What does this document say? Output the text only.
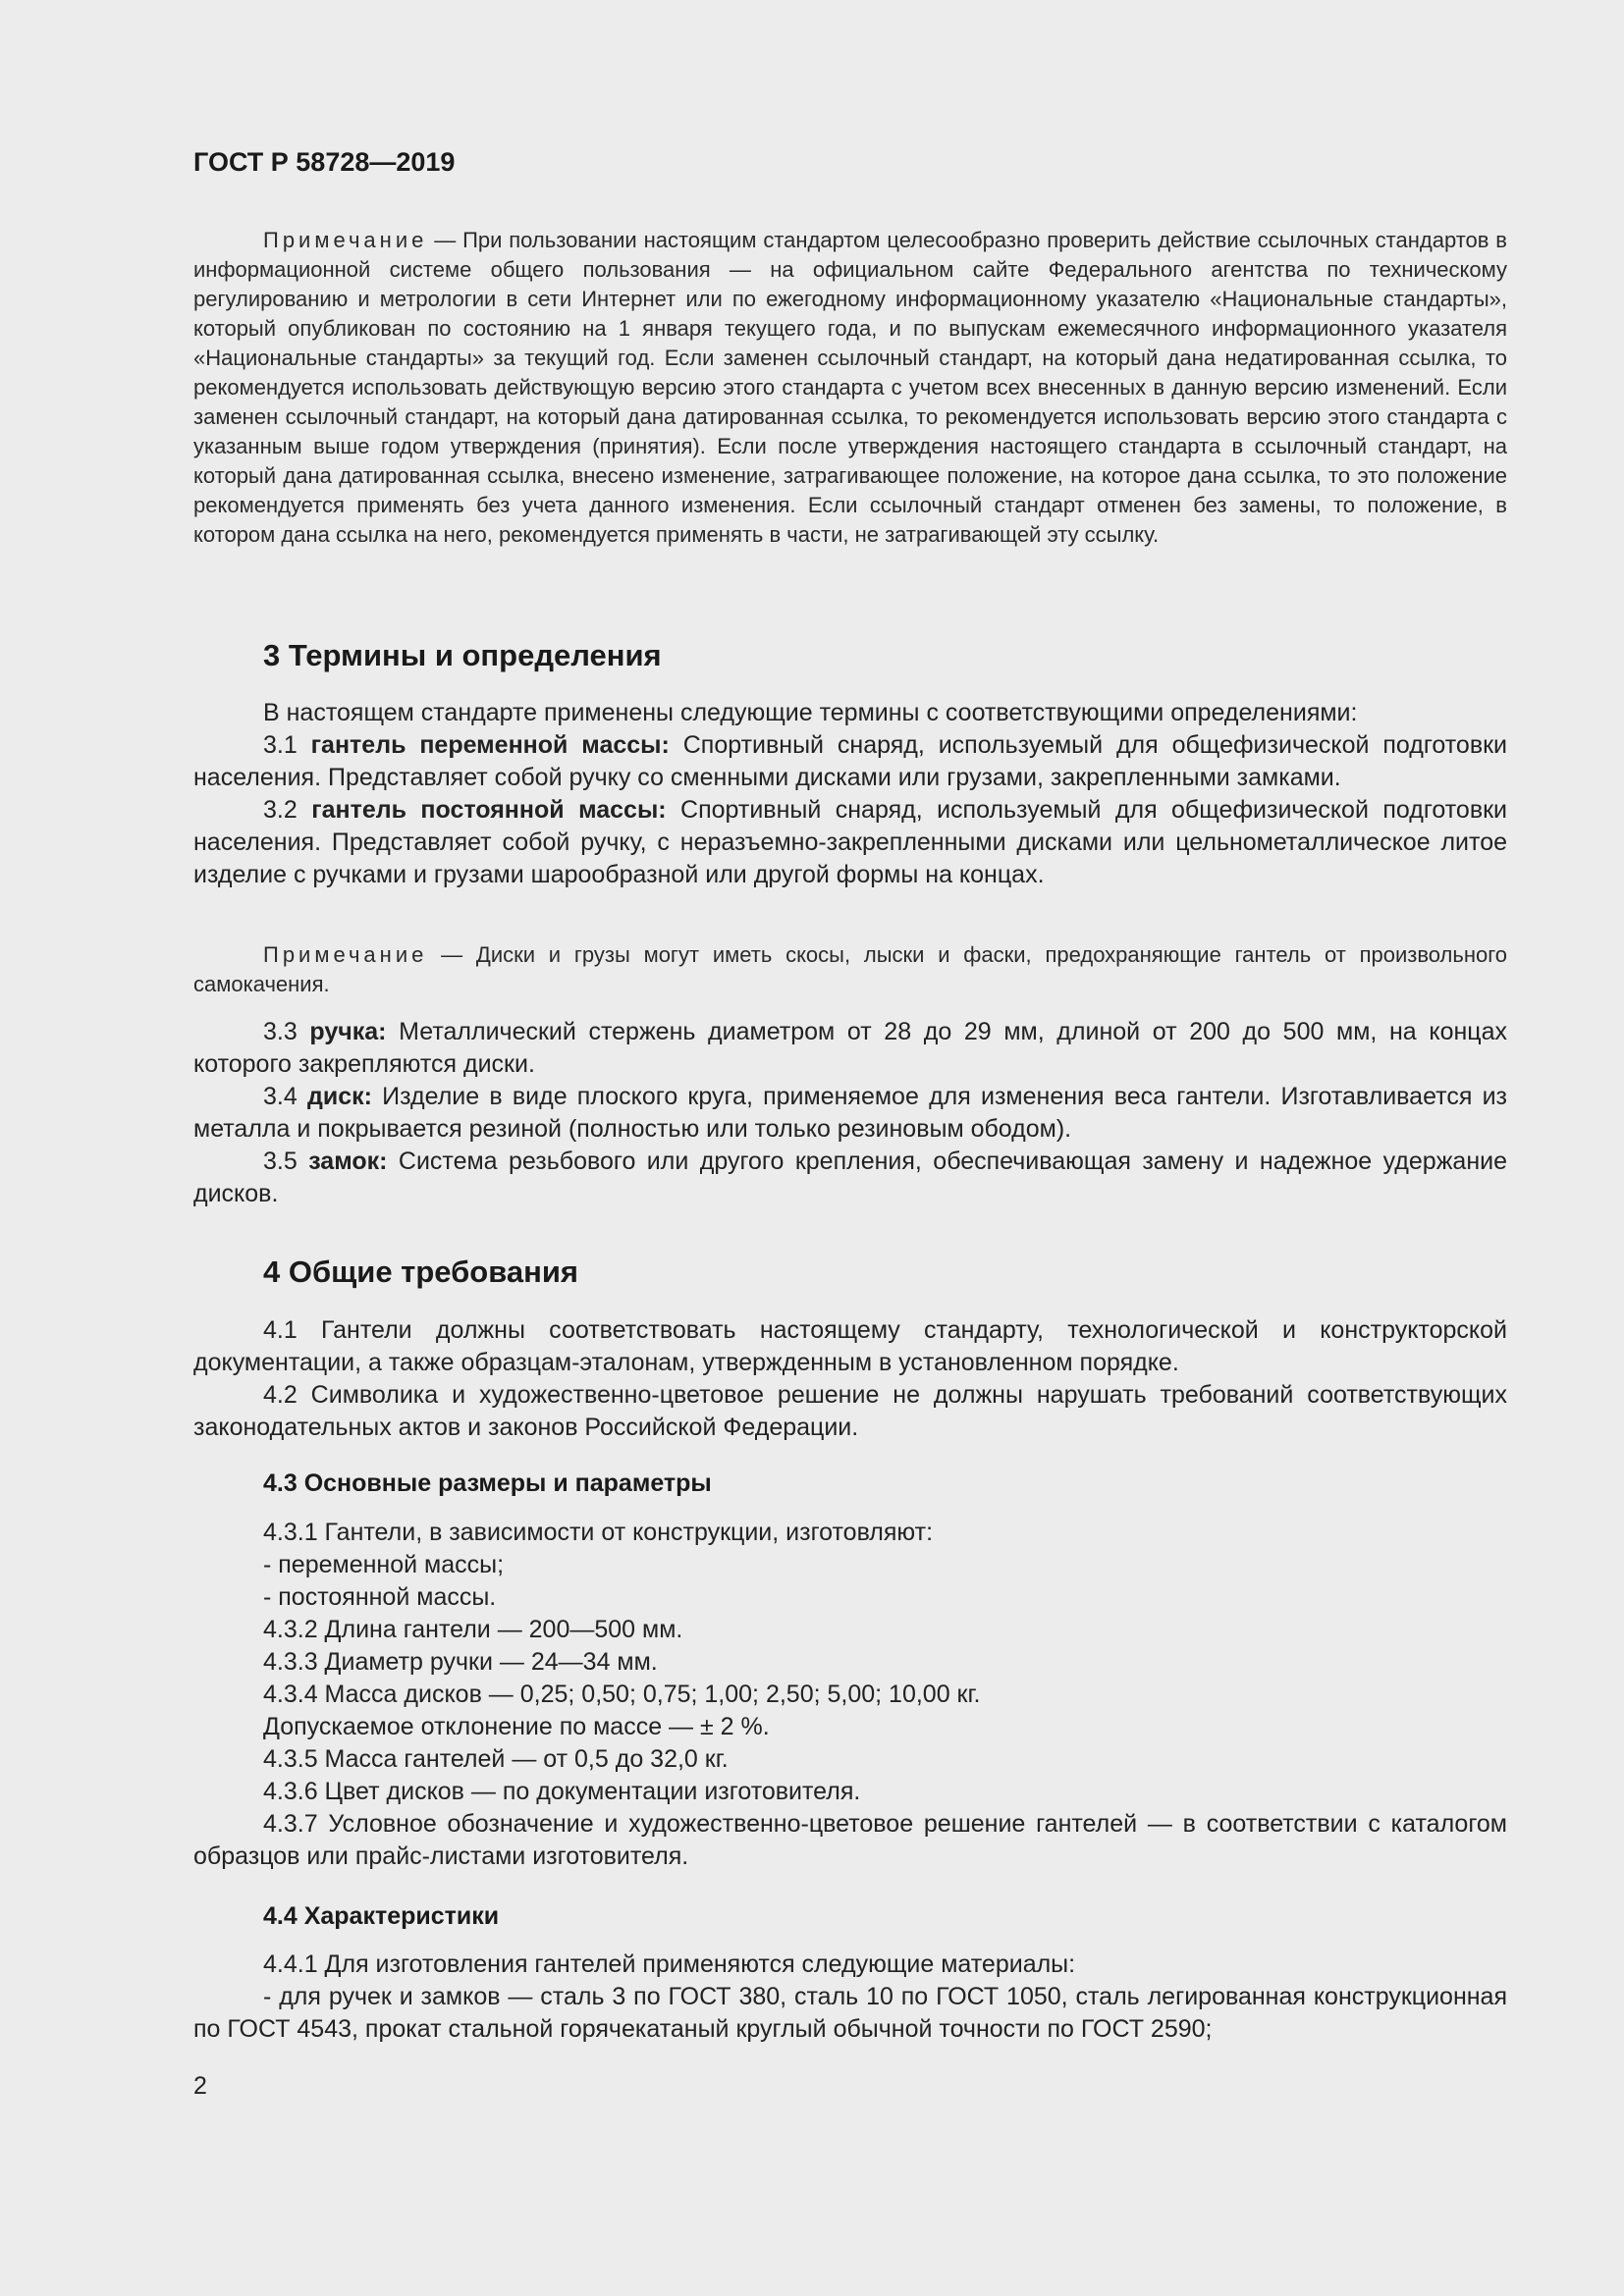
ГОСТ Р 58728—2019
Примечание — При пользовании настоящим стандартом целесообразно проверить действие ссылочных стандартов в информационной системе общего пользования — на официальном сайте Федерального агентства по техническому регулированию и метрологии в сети Интернет или по ежегодному информационному указателю «Национальные стандарты», который опубликован по состоянию на 1 января текущего года, и по выпускам ежемесячного информационного указателя «Национальные стандарты» за текущий год. Если заменен ссылочный стандарт, на который дана недатированная ссылка, то рекомендуется использовать действующую версию этого стандарта с учетом всех внесенных в данную версию изменений. Если заменен ссылочный стандарт, на который дана датированная ссылка, то рекомендуется использовать версию этого стандарта с указанным выше годом утверждения (принятия). Если после утверждения настоящего стандарта в ссылочный стандарт, на который дана датированная ссылка, внесено изменение, затрагивающее положение, на которое дана ссылка, то это положение рекомендуется применять без учета данного изменения. Если ссылочный стандарт отменен без замены, то положение, в котором дана ссылка на него, рекомендуется применять в части, не затрагивающей эту ссылку.
3 Термины и определения

В настоящем стандарте применены следующие термины с соответствующими определениями:

3.1 гантель переменной массы: Спортивный снаряд, используемый для общефизической подготовки населения. Представляет собой ручку со сменными дисками или грузами, закрепленными замками.

3.2 гантель постоянной массы: Спортивный снаряд, используемый для общефизической подготовки населения. Представляет собой ручку, с неразъемно-закрепленными дисками или цельнометаллическое литое изделие с ручками и грузами шарообразной или другой формы на концах.

Примечание — Диски и грузы могут иметь скосы, лыски и фаски, предохраняющие гантель от произвольного самокачения.

3.3 ручка: Металлический стержень диаметром от 28 до 29 мм, длиной от 200 до 500 мм, на концах которого закрепляются диски.

3.4 диск: Изделие в виде плоского круга, применяемое для изменения веса гантели. Изготавливается из металла и покрывается резиной (полностью или только резиновым ободом).

3.5 замок: Система резьбового или другого крепления, обеспечивающая замену и надежное удержание дисков.

4 Общие требования

4.1 Гантели должны соответствовать настоящему стандарту, технологической и конструкторской документации, а также образцам-эталонам, утвержденным в установленном порядке.

4.2 Символика и художественно-цветовое решение не должны нарушать требований соответствующих законодательных актов и законов Российской Федерации.

4.3 Основные размеры и параметры

4.3.1 Гантели, в зависимости от конструкции, изготовляют:

- переменной массы;

- постоянной массы.

4.3.2 Длина гантели — 200—500 мм.

4.3.3 Диаметр ручки — 24—34 мм.

4.3.4 Масса дисков — 0,25; 0,50; 0,75; 1,00; 2,50; 5,00; 10,00 кг.

Допускаемое отклонение по массе — ± 2 %.

4.3.5 Масса гантелей — от 0,5 до 32,0 кг.

4.3.6 Цвет дисков — по документации изготовителя.

4.3.7 Условное обозначение и художественно-цветовое решение гантелей — в соответствии с каталогом образцов или прайс-листами изготовителя.

4.4 Характеристики

4.4.1 Для изготовления гантелей применяются следующие материалы:

- для ручек и замков — сталь 3 по ГОСТ 380, сталь 10 по ГОСТ 1050, сталь легированная конструкционная по ГОСТ 4543, прокат стальной горячекатаный круглый обычной точности по ГОСТ 2590;

2
